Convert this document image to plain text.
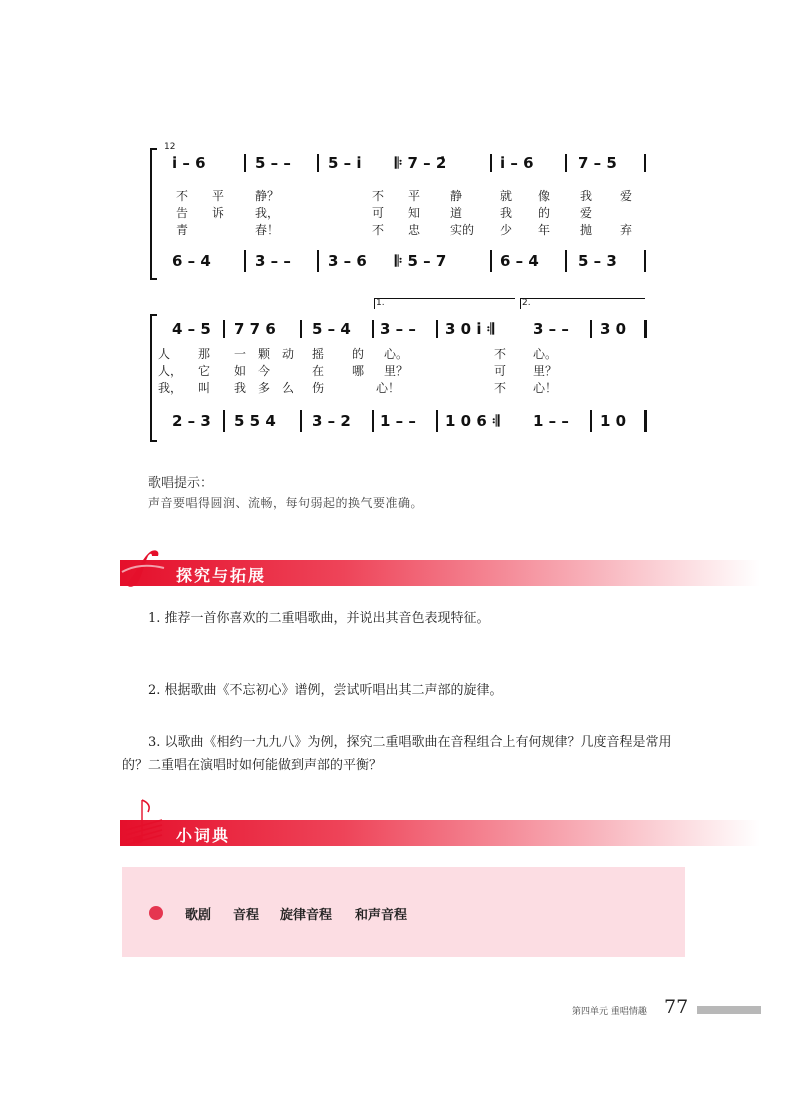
12
i̇ – 6	5 – – 5 – i̇ 𝄆 7 – 2̇	i̇ – 6	7 – 5
不 平	静？	不 平 静	就 像 我 爱
告 诉	我，	可 知 道	我 的 爱
青	春！	不 忠 实的 少 年 抛 弃
6 – 4	3 – – 3 – 6 𝄆 5 – 7	6 – 4	5 – 3
1.	2.
4 – 5 7 7 6 5 – 4 3 – – 3 0 i̇ 𝄇	3 – – 3 0
人 那 一 颗 动 摇 的 心。	不 心。
人， 它 如 今	在 哪 里？	可 里？
我， 叫 我 多 么 伤	心！	不 心！
2 – 3 5 5 4 3 – 2 1 – – 1 0 6 𝄇 1 – – 1 0
歌唱提示：
声音要唱得圆润、流畅，每句弱起的换气要准确。
探究与拓展
1. 推荐一首你喜欢的二重唱歌曲，并说出其音色表现特征。
2. 根据歌曲《不忘初心》谱例，尝试听唱出其二声部的旋律。
3. 以歌曲《相约一九九八》为例，探究二重唱歌曲在音程组合上有何规律？几度音程是常用
的？二重唱在演唱时如何能做到声部的平衡？
小词典
歌剧 音程 旋律音程 和声音程
第四单元 重唱情趣 77
